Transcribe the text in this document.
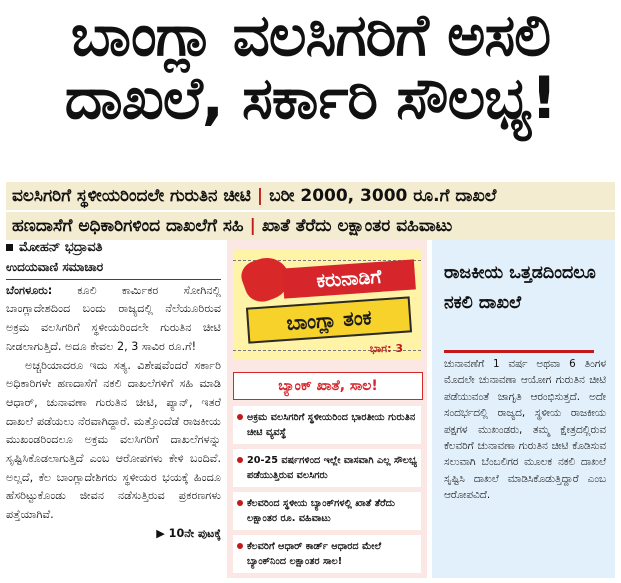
ಬಾಂಗ್ಲಾ ವಲಸಿಗರಿಗೆ ಅಸಲಿ
ದಾಖಲೆ, ಸರ್ಕಾರಿ ಸೌಲಭ್ಯ!
ವಲಸಿಗರಿಗೆ ಸ್ಥಳೀಯರಿಂದಲೇ ಗುರುತಿನ ಚೀಟಿ | ಬರೀ 2000, 3000 ರೂ.ಗೆ ದಾಖಲೆ
ಹಣದಾಸೆಗೆ ಅಧಿಕಾರಿಗಳಿಂದ ದಾಖಲೆಗೆ ಸಹಿ | ಖಾತೆ ತೆರೆದು ಲಕ್ಷಾಂತರ ವಹಿವಾಟು
ಮೋಹನ್ ಭದ್ರಾವತಿ
ಉದಯವಾಣಿ ಸಮಾಚಾರ

ಬೆಂಗಳೂರು: ಕೂಲಿ ಕಾರ್ಮಿಕರ ಸೋಗಿನಲ್ಲಿ ಬಾಂಗ್ಲಾದೇಶದಿಂದ ಬಂದು ರಾಜ್ಯದಲ್ಲಿ ನೆಲೆಯೂರಿರುವ ಅಕ್ರಮ ವಲಸಿಗರಿಗೆ ಸ್ಥಳೀಯರಿಂದಲೇ ಗುರುತಿನ ಚೀಟಿ ನೀಡಲಾಗುತ್ತಿದೆ. ಅದೂ ಕೇವಲ 2, 3 ಸಾವಿರ ರೂ.ಗೆ!

ಅಚ್ಚರಿಯಾದರೂ ಇದು ಸತ್ಯ. ವಿಶೇಷವೆಂದರೆ ಸರ್ಕಾರಿ ಅಧಿಕಾರಿಗಳೇ ಹಣದಾಸೆಗೆ ನಕಲಿ ದಾಖಲೆಗಳಿಗೆ ಸಹಿ ಮಾಡಿ ಆಧಾರ್, ಚುನಾವಣಾ ಗುರುತಿನ ಚೀಟಿ, ಪ್ಯಾನ್, ಇತರೆ ದಾಖಲೆ ಪಡೆಯಲು ನೆರವಾಗಿದ್ದಾರೆ. ಮತ್ತೊಂದೆಡೆ ರಾಜಕೀಯ ಮುಖಂಡರಿಂದಲೂ ಅಕ್ರಮ ವಲಸಿಗರಿಗೆ ದಾಖಲೆಗಳನ್ನು ಸೃಷ್ಟಿಸಿಕೊಡಲಾಗುತ್ತಿದೆ ಎಂಬ ಆರೋಪಗಳು ಕೇಳಿ ಬಂದಿವೆ. ಅಲ್ಲದೆ, ಕೆಲ ಬಾಂಗ್ಲಾದೇಶಿಗರು ಸ್ಥಳೀಯರ ಭಯಕ್ಕೆ ಹಿಂದೂ ಹೆಸರಿಟ್ಟುಕೊಂಡು ಜೀವನ ನಡೆಸುತ್ತಿರುವ ಪ್ರಕರಣಗಳು ಪತ್ತೆಯಾಗಿವೆ.

▶ 10ನೇ ಪುಟಕ್ಕೆ
ಕರುನಾಡಿಗೆ
ಬಾಂಗ್ಲಾ ತಂಕ
ಭಾಗ: 3
ಬ್ಯಾಂಕ್ ಖಾತೆ, ಸಾಲ!
ಅಕ್ರಮ ವಲಸಿಗರಿಗೆ ಸ್ಥಳೀಯರಿಂದ ಭಾರತೀಯ ಗುರುತಿನ ಚೀಟಿ ವ್ಯವಸ್ಥೆ
20-25 ವರ್ಷಗಳಿಂದ ಇಲ್ಲೇ ವಾಸವಾಗಿ ಎಲ್ಲ ಸೌಲಭ್ಯ ಪಡೆಯುತ್ತಿರುವ ವಲಸಿಗರು
ಕೆಲವರಿಂದ ಸ್ಥಳೀಯ ಬ್ಯಾಂಕ್‌ಗಳಲ್ಲಿ ಖಾತೆ ತೆರೆದು ಲಕ್ಷಾಂತರ ರೂ. ವಹಿವಾಟು
ಕೆಲವರಿಗೆ ಆಧಾರ್ ಕಾರ್ಡ್ ಆಧಾರದ ಮೇಲೆ ಬ್ಯಾಂಕ್‌ನಿಂದ ಲಕ್ಷಾಂತರ ಸಾಲ!
ರಾಜಕೀಯ ಒತ್ತಡದಿಂದಲೂ ನಕಲಿ ದಾಖಲೆ
ಚುನಾವಣೆಗೆ 1 ವರ್ಷ ಅಥವಾ 6 ತಿಂಗಳ ಮೊದಲೇ ಚುನಾವಣಾ ಆಯೋಗ ಗುರುತಿನ ಚೀಟಿ ಪಡೆಯುವಂತೆ ಜಾಗೃತಿ ಆರಂಭಿಸುತ್ತದೆ. ಅದೇ ಸಂದರ್ಭದಲ್ಲಿ ರಾಜ್ಯದ, ಸ್ಥಳೀಯ ರಾಜಕೀಯ ಪಕ್ಷಗಳ ಮುಖಂಡರು, ತಮ್ಮ ಕ್ಷೇತ್ರದಲ್ಲಿರುವ ಕೆಲವರಿಗೆ ಚುನಾವಣಾ ಗುರುತಿನ ಚೀಟಿ ಕೊಡಿಸುವ ಸಲುವಾಗಿ ಬೆಂಬಲಿಗರ ಮೂಲಕ ನಕಲಿ ದಾಖಲೆ ಸೃಷ್ಟಿಸಿ ದಾಖಲೆ ಮಾಡಿಸಿಕೊಡುತ್ತಿದ್ದಾರೆ ಎಂಬ ಆರೋಪವಿದೆ.
